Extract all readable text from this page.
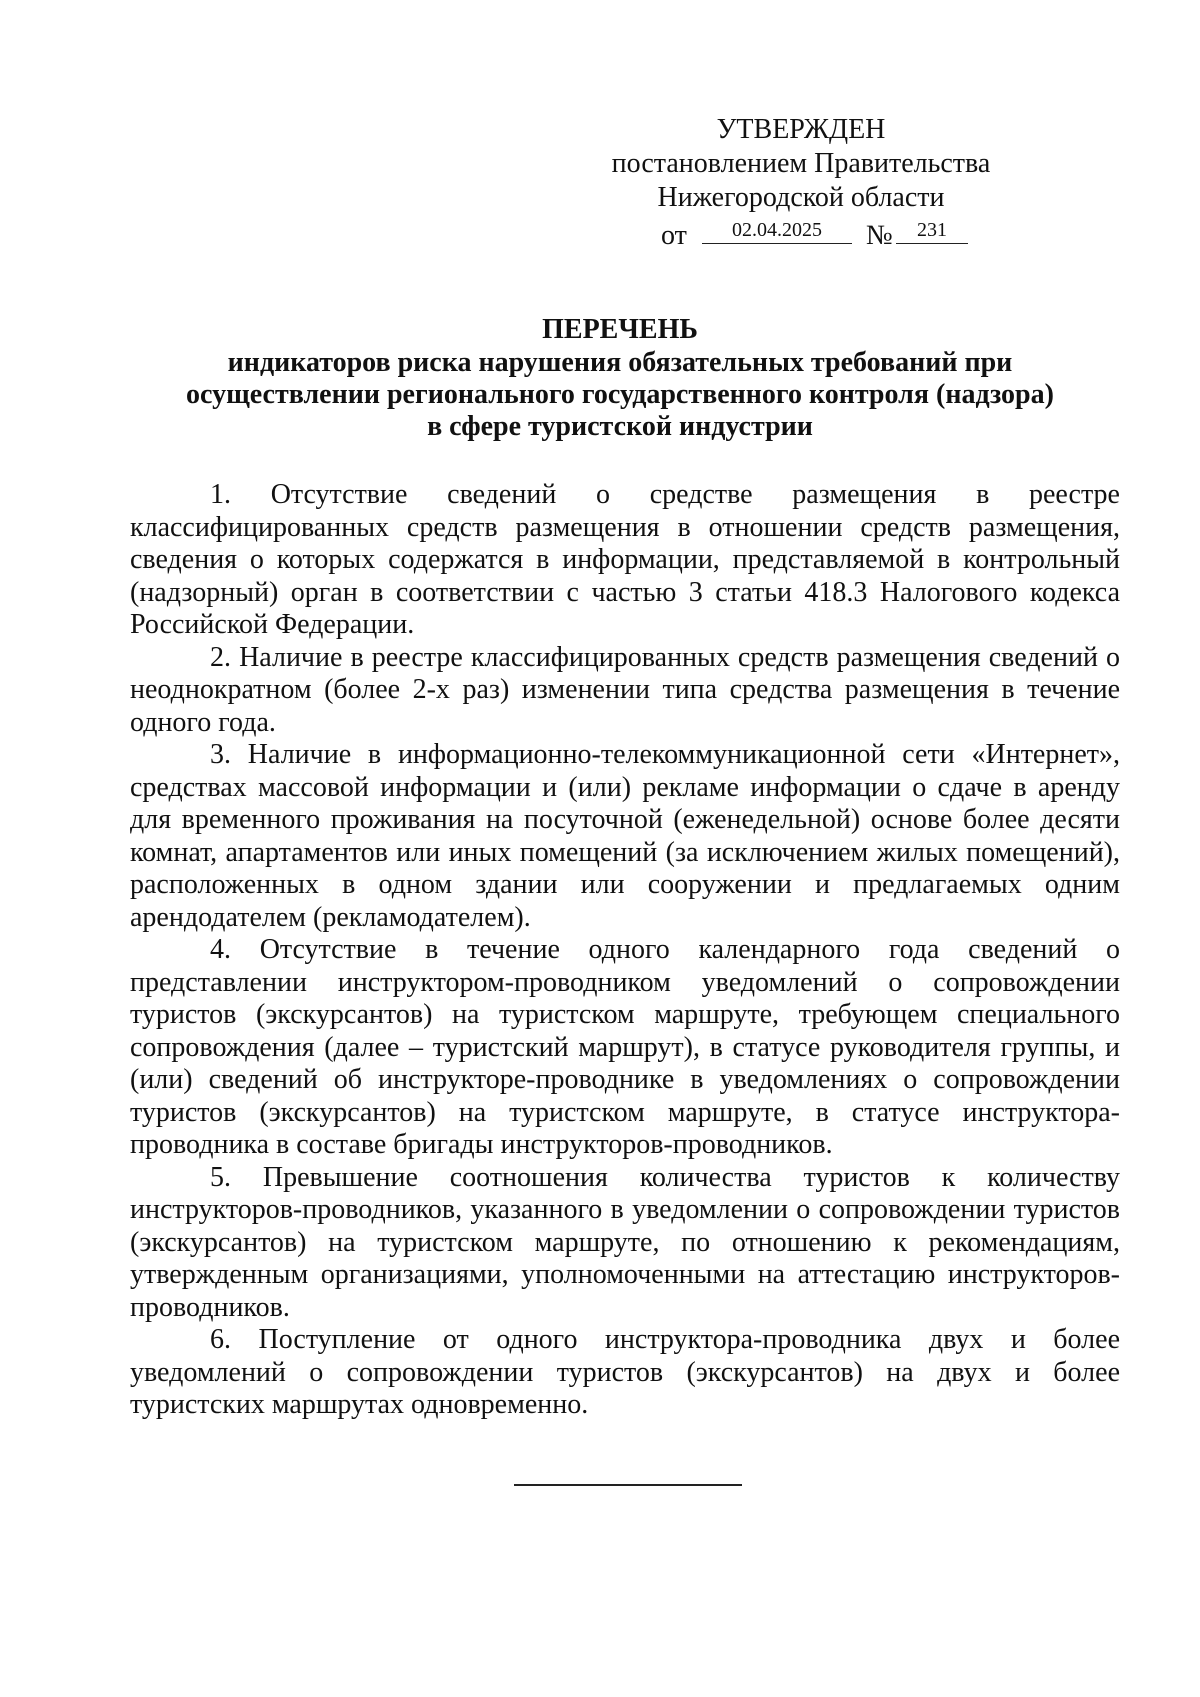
УТВЕРЖДЕН
постановлением Правительства
Нижегородской области
от	02.04.2025	№	231
ПЕРЕЧЕНЬ
индикаторов риска нарушения обязательных требований при
осуществлении регионального государственного контроля (надзора)
в сфере туристской индустрии

1. Отсутствие сведений о средстве размещения в реестре классифицированных средств размещения в отношении средств размещения, сведения о которых содержатся в информации, представляемой в контрольный (надзорный) орган в соответствии с частью 3 статьи 418.3 Налогового кодекса Российской Федерации.

2. Наличие в реестре классифицированных средств размещения сведений о неоднократном (более 2-х раз) изменении типа средства размещения в течение одного года.

3. Наличие в информационно-телекоммуникационной сети «Интернет», средствах массовой информации и (или) рекламе информации о сдаче в аренду для временного проживания на посуточной (еженедельной) основе более десяти комнат, апартаментов или иных помещений (за исключением жилых помещений), расположенных в одном здании или сооружении и предлагаемых одним арендодателем (рекламодателем).

4. Отсутствие в течение одного календарного года сведений о представлении инструктором-проводником уведомлений о сопровождении туристов (экскурсантов) на туристском маршруте, требующем специального сопровождения (далее – туристский маршрут), в статусе руководителя группы, и (или) сведений об инструкторе-проводнике в уведомлениях о сопровождении туристов (экскурсантов) на туристском маршруте, в статусе инструктора-проводника в составе бригады инструкторов-проводников.

5. Превышение соотношения количества туристов к количеству инструкторов-проводников, указанного в уведомлении о сопровождении туристов (экскурсантов) на туристском маршруте, по отношению к рекомендациям, утвержденным организациями, уполномоченными на аттестацию инструкторов-проводников.

6. Поступление от одного инструктора-проводника двух и более уведомлений о сопровождении туристов (экскурсантов) на двух и более туристских маршрутах одновременно.
